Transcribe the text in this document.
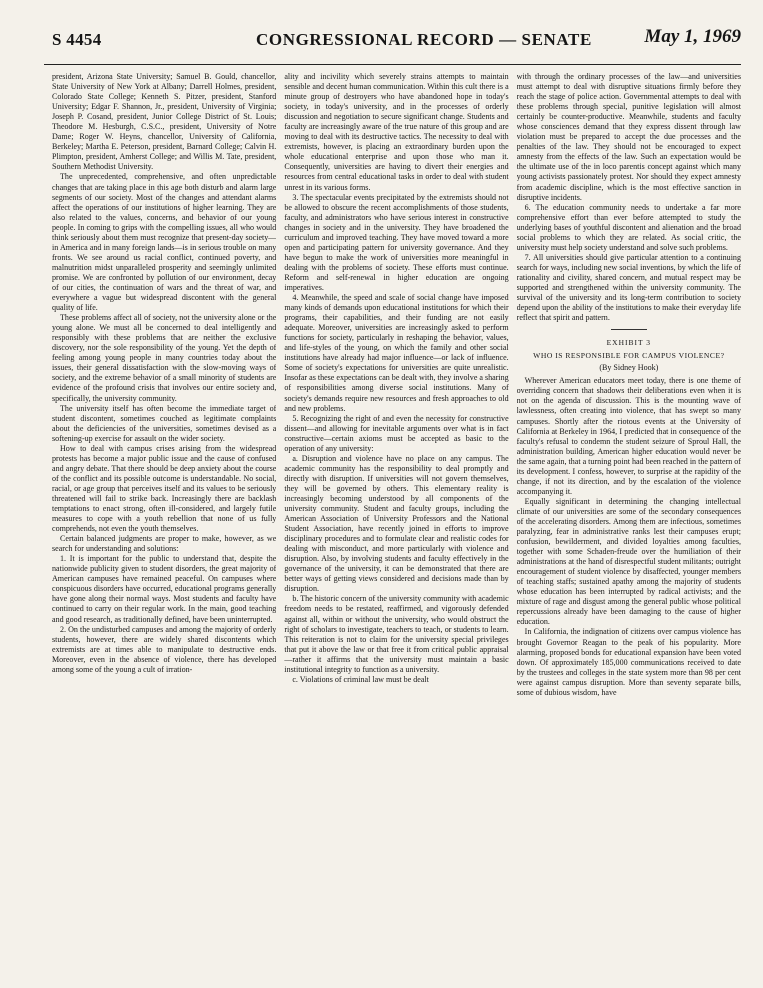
S 4454	CONGRESSIONAL RECORD — SENATE	May 1, 1969

president, Arizona State University; Samuel B. Gould, chancellor, State University of New York at Albany; Darrell Holmes, president, Colorado State College; Kenneth S. Pitzer, president, Stanford University; Edgar F. Shannon, Jr., president, University of Virginia; Joseph P. Cosand, president, Junior College District of St. Louis; Theodore M. Hesburgh, C.S.C., president, University of Notre Dame; Roger W. Heyns, chancellor, University of California, Berkeley; Martha E. Peterson, president, Barnard College; Calvin H. Plimpton, president, Amherst College; and Willis M. Tate, president, Southern Methodist University.

The unprecedented, comprehensive, and often unpredictable changes that are taking place in this age both disturb and alarm large segments of our society. Most of the changes and attendant alarms affect the operations of our institutions of higher learning. They are also related to the values, concerns, and behavior of our young people. In coming to grips with the compelling issues, all who would think seriously about them must recognize that present-day society—in America and in many foreign lands—is in serious trouble on many fronts. We see around us racial conflict, continued poverty, and malnutrition midst unparalleled prosperity and seemingly unlimited promise. We are confronted by pollution of our environment, decay of our cities, the continuation of wars and the threat of war, and everywhere a vague but widespread discontent with the general quality of life.

These problems affect all of society, not the university alone or the young alone. We must all be concerned to deal intelligently and responsibly with these problems that are neither the exclusive discovery, nor the sole responsibility of the young. Yet the depth of feeling among young people in many countries today about the issues, their general dissatisfaction with the slow-moving ways of society, and the extreme behavior of a small minority of students are evidence of the profound crisis that involves our entire society and, specifically, the university community.

The university itself has often become the immediate target of student discontent, sometimes couched as legitimate complaints about the deficiencies of the universities, sometimes devised as a softening-up exercise for assault on the wider society.

How to deal with campus crises arising from the widespread protests has become a major public issue and the cause of confused and angry debate. That there should be deep anxiety about the course of the conflict and its possible outcome is understandable. No social, racial, or age group that perceives itself and its values to be seriously threatened will fail to strike back. Increasingly there are backlash temptations to enact strong, often ill-considered, and largely futile measures to cope with a youth rebellion that none of us fully comprehends, not even the youth themselves.

Certain balanced judgments are proper to make, however, as we search for understanding and solutions:

1. It is important for the public to understand that, despite the nationwide publicity given to student disorders, the great majority of American campuses have remained peaceful. On campuses where conspicuous disorders have occurred, educational programs generally have gone along their normal ways. Most students and faculty have continued to carry on their regular work. In the main, good teaching and good research, as traditionally defined, have been uninterrupted.

2. On the undisturbed campuses and among the majority of orderly students, however, there are widely shared discontents which extremists are at times able to manipulate to destructive ends. Moreover, even in the absence of violence, there has developed among some of the young a cult of irration-

ality and incivility which severely strains attempts to maintain sensible and decent human communication. Within this cult there is a minute group of destroyers who have abandoned hope in today's society, in today's university, and in the processes of orderly discussion and negotiation to secure significant change. Students and faculty are increasingly aware of the true nature of this group and are moving to deal with its destructive tactics. The necessity to deal with extremists, however, is placing an extraordinary burden upon the whole educational enterprise and upon those who man it. Consequently, universities are having to divert their energies and resources from central educational tasks in order to deal with student unrest in its various forms.

3. The spectacular events precipitated by the extremists should not be allowed to obscure the recent accomplishments of those students, faculty, and administrators who have serious interest in constructive changes in society and in the university. They have broadened the curriculum and improved teaching. They have moved toward a more open and participating pattern for university governance. And they have begun to make the work of universities more meaningful in dealing with the problems of society. These efforts must continue. Reform and self-renewal in higher education are ongoing imperatives.

4. Meanwhile, the speed and scale of social change have imposed many kinds of demands upon educational institutions for which their programs, their capabilities, and their funding are not easily adequate. Moreover, universities are increasingly asked to perform functions for society, particularly in reshaping the behavior, values, and life-styles of the young, on which the family and other social institutions have already had major influence—or lack of influence. Some of society's expectations for universities are quite unrealistic. Insofar as these expectations can be dealt with, they involve a sharing of responsibilities among diverse social institutions. Many of society's demands require new resources and fresh approaches to old and new problems.

5. Recognizing the right of and even the necessity for constructive dissent—and allowing for inevitable arguments over what is in fact constructive—certain axioms must be accepted as basic to the operation of any university:

a. Disruption and violence have no place on any campus. The academic community has the responsibility to deal promptly and directly with disruption. If universities will not govern themselves, they will be governed by others. This elementary reality is increasingly becoming understood by all components of the university community. Student and faculty groups, including the American Association of University Professors and the National Student Association, have recently joined in efforts to improve disciplinary procedures and to formulate clear and realistic codes for dealing with misconduct, and more particularly with violence and disruption. Also, by involving students and faculty effectively in the governance of the university, it can be demonstrated that there are better ways of getting views considered and decisions made than by disruption.

b. The historic concern of the university community with academic freedom needs to be restated, reaffirmed, and vigorously defended against all, within or without the university, who would obstruct the right of scholars to investigate, teachers to teach, or students to learn. This reiteration is not to claim for the university special privileges that put it above the law or that free it from critical public appraisal—rather it affirms that the university must maintain a basic institutional integrity to function as a university.

c. Violations of criminal law must be dealt

with through the ordinary processes of the law—and universities must attempt to deal with disruptive situations firmly before they reach the stage of police action. Governmental attempts to deal with these problems through special, punitive legislation will almost certainly be counter-productive. Meanwhile, students and faculty whose consciences demand that they express dissent through law violation must be prepared to accept the due processes and the penalties of the law. They should not be encouraged to expect amnesty from the effects of the law. Such an expectation would be the ultimate use of the in loco parentis concept against which many young activists passionately protest. Nor should they expect amnesty from academic discipline, which is the most effective sanction in disruptive incidents.

6. The education community needs to undertake a far more comprehensive effort than ever before attempted to study the underlying bases of youthful discontent and alienation and the broad social problems to which they are related. As social critic, the university must help society understand and solve such problems.

7. All universities should give particular attention to a continuing search for ways, including new social inventions, by which the life of rationality and civility, shared concern, and mutual respect may be supported and strengthened within the university community. The survival of the university and its long-term contribution to society depend upon the ability of the institutions to make their everyday life reflect that spirit and pattern.

EXHIBIT 3
WHO IS RESPONSIBLE FOR CAMPUS VIOLENCE?
(By Sidney Hook)

Wherever American educators meet today, there is one theme of overriding concern that shadows their deliberations even when it is not on the agenda of discussion. This is the mounting wave of lawlessness, often creating into violence, that has swept so many campuses. Shortly after the riotous events at the University of California at Berkeley in 1964, I predicted that in consequence of the faculty's refusal to condemn the student seizure of Sproul Hall, the administration building, American higher education would never be the same again, that a turning point had been reached in the pattern of its development. I confess, however, to surprise at the rapidity of the change, if not its direction, and by the escalation of the violence accompanying it.

Equally significant in determining the changing intellectual climate of our universities are some of the secondary consequences of the accelerating disorders. Among them are infectious, sometimes paralyzing, fear in administrative ranks lest their campuses erupt; confusion, bewilderment, and divided loyalties among faculties, together with some Schaden-freude over the humiliation of their administrations at the hand of disrespectful student militants; outright encouragement of student violence by disaffected, younger members of teaching staffs; sustained apathy among the majority of students whose education has been interrupted by radical activists; and the mixture of rage and disgust among the general public whose political repercussions already have been damaging to the cause of higher education.

In California, the indignation of citizens over campus violence has brought Governor Reagan to the peak of his popularity. More alarming, proposed bonds for educational expansion have been voted down. Of approximately 185,000 communications received to date by the trustees and colleges in the state system more than 98 per cent were against campus disruption. More than seventy separate bills, some of dubious wisdom, have
